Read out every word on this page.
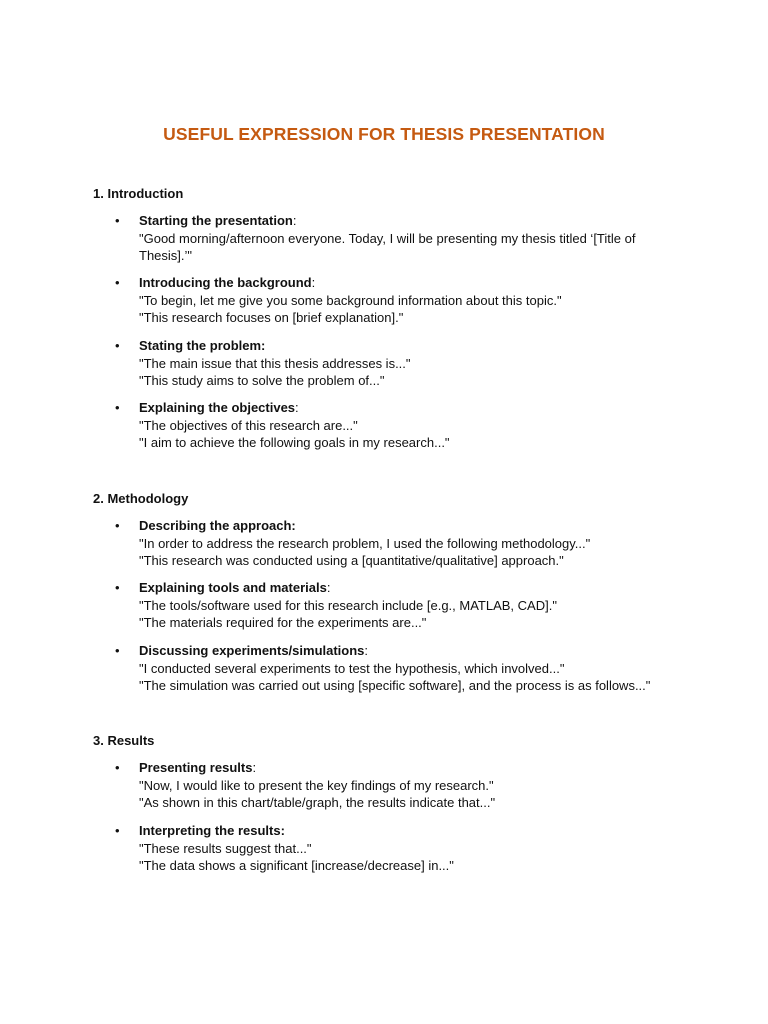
USEFUL EXPRESSION FOR THESIS PRESENTATION
1. Introduction
• Starting the presentation:
"Good morning/afternoon everyone. Today, I will be presenting my thesis titled ‘[Title of Thesis].’"
• Introducing the background:
"To begin, let me give you some background information about this topic."
"This research focuses on [brief explanation]."
• Stating the problem:
"The main issue that this thesis addresses is..."
"This study aims to solve the problem of..."
• Explaining the objectives:
"The objectives of this research are..."
"I aim to achieve the following goals in my research..."
2. Methodology
• Describing the approach:
"In order to address the research problem, I used the following methodology..."
"This research was conducted using a [quantitative/qualitative] approach."
• Explaining tools and materials:
"The tools/software used for this research include [e.g., MATLAB, CAD]."
"The materials required for the experiments are..."
• Discussing experiments/simulations:
"I conducted several experiments to test the hypothesis, which involved..."
"The simulation was carried out using [specific software], and the process is as follows..."
3. Results
• Presenting results:
"Now, I would like to present the key findings of my research."
"As shown in this chart/table/graph, the results indicate that..."
• Interpreting the results:
"These results suggest that..."
"The data shows a significant [increase/decrease] in..."
